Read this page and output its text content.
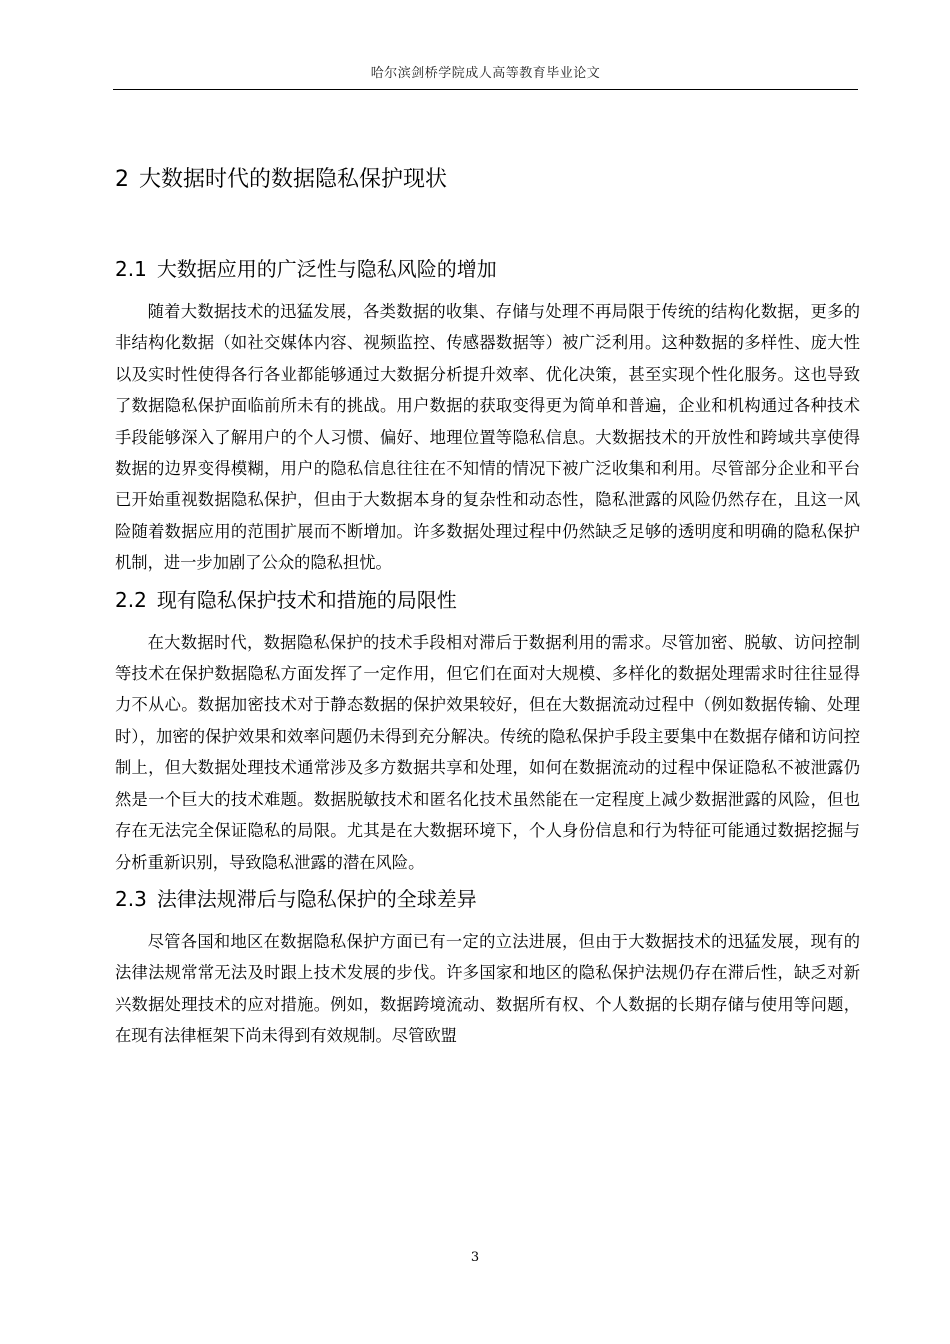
哈尔滨剑桥学院成人高等教育毕业论文
2 大数据时代的数据隐私保护现状
2.1 大数据应用的广泛性与隐私风险的增加

随着大数据技术的迅猛发展，各类数据的收集、存储与处理不再局限于传统的结构化数据，更多的非结构化数据（如社交媒体内容、视频监控、传感器数据等）被广泛利用。这种数据的多样性、庞大性以及实时性使得各行各业都能够通过大数据分析提升效率、优化决策，甚至实现个性化服务。这也导致了数据隐私保护面临前所未有的挑战。用户数据的获取变得更为简单和普遍，企业和机构通过各种技术手段能够深入了解用户的个人习惯、偏好、地理位置等隐私信息。大数据技术的开放性和跨域共享使得数据的边界变得模糊，用户的隐私信息往往在不知情的情况下被广泛收集和利用。尽管部分企业和平台已开始重视数据隐私保护，但由于大数据本身的复杂性和动态性，隐私泄露的风险仍然存在，且这一风险随着数据应用的范围扩展而不断增加。许多数据处理过程中仍然缺乏足够的透明度和明确的隐私保护机制，进一步加剧了公众的隐私担忧。

2.2 现有隐私保护技术和措施的局限性

在大数据时代，数据隐私保护的技术手段相对滞后于数据利用的需求。尽管加密、脱敏、访问控制等技术在保护数据隐私方面发挥了一定作用，但它们在面对大规模、多样化的数据处理需求时往往显得力不从心。数据加密技术对于静态数据的保护效果较好，但在大数据流动过程中（例如数据传输、处理时），加密的保护效果和效率问题仍未得到充分解决。传统的隐私保护手段主要集中在数据存储和访问控制上，但大数据处理技术通常涉及多方数据共享和处理，如何在数据流动的过程中保证隐私不被泄露仍然是一个巨大的技术难题。数据脱敏技术和匿名化技术虽然能在一定程度上减少数据泄露的风险，但也存在无法完全保证隐私的局限。尤其是在大数据环境下，个人身份信息和行为特征可能通过数据挖掘与分析重新识别，导致隐私泄露的潜在风险。

2.3 法律法规滞后与隐私保护的全球差异

尽管各国和地区在数据隐私保护方面已有一定的立法进展，但由于大数据技术的迅猛发展，现有的法律法规常常无法及时跟上技术发展的步伐。许多国家和地区的隐私保护法规仍存在滞后性，缺乏对新兴数据处理技术的应对措施。例如，数据跨境流动、数据所有权、个人数据的长期存储与使用等问题，在现有法律框架下尚未得到有效规制。尽管欧盟

3
